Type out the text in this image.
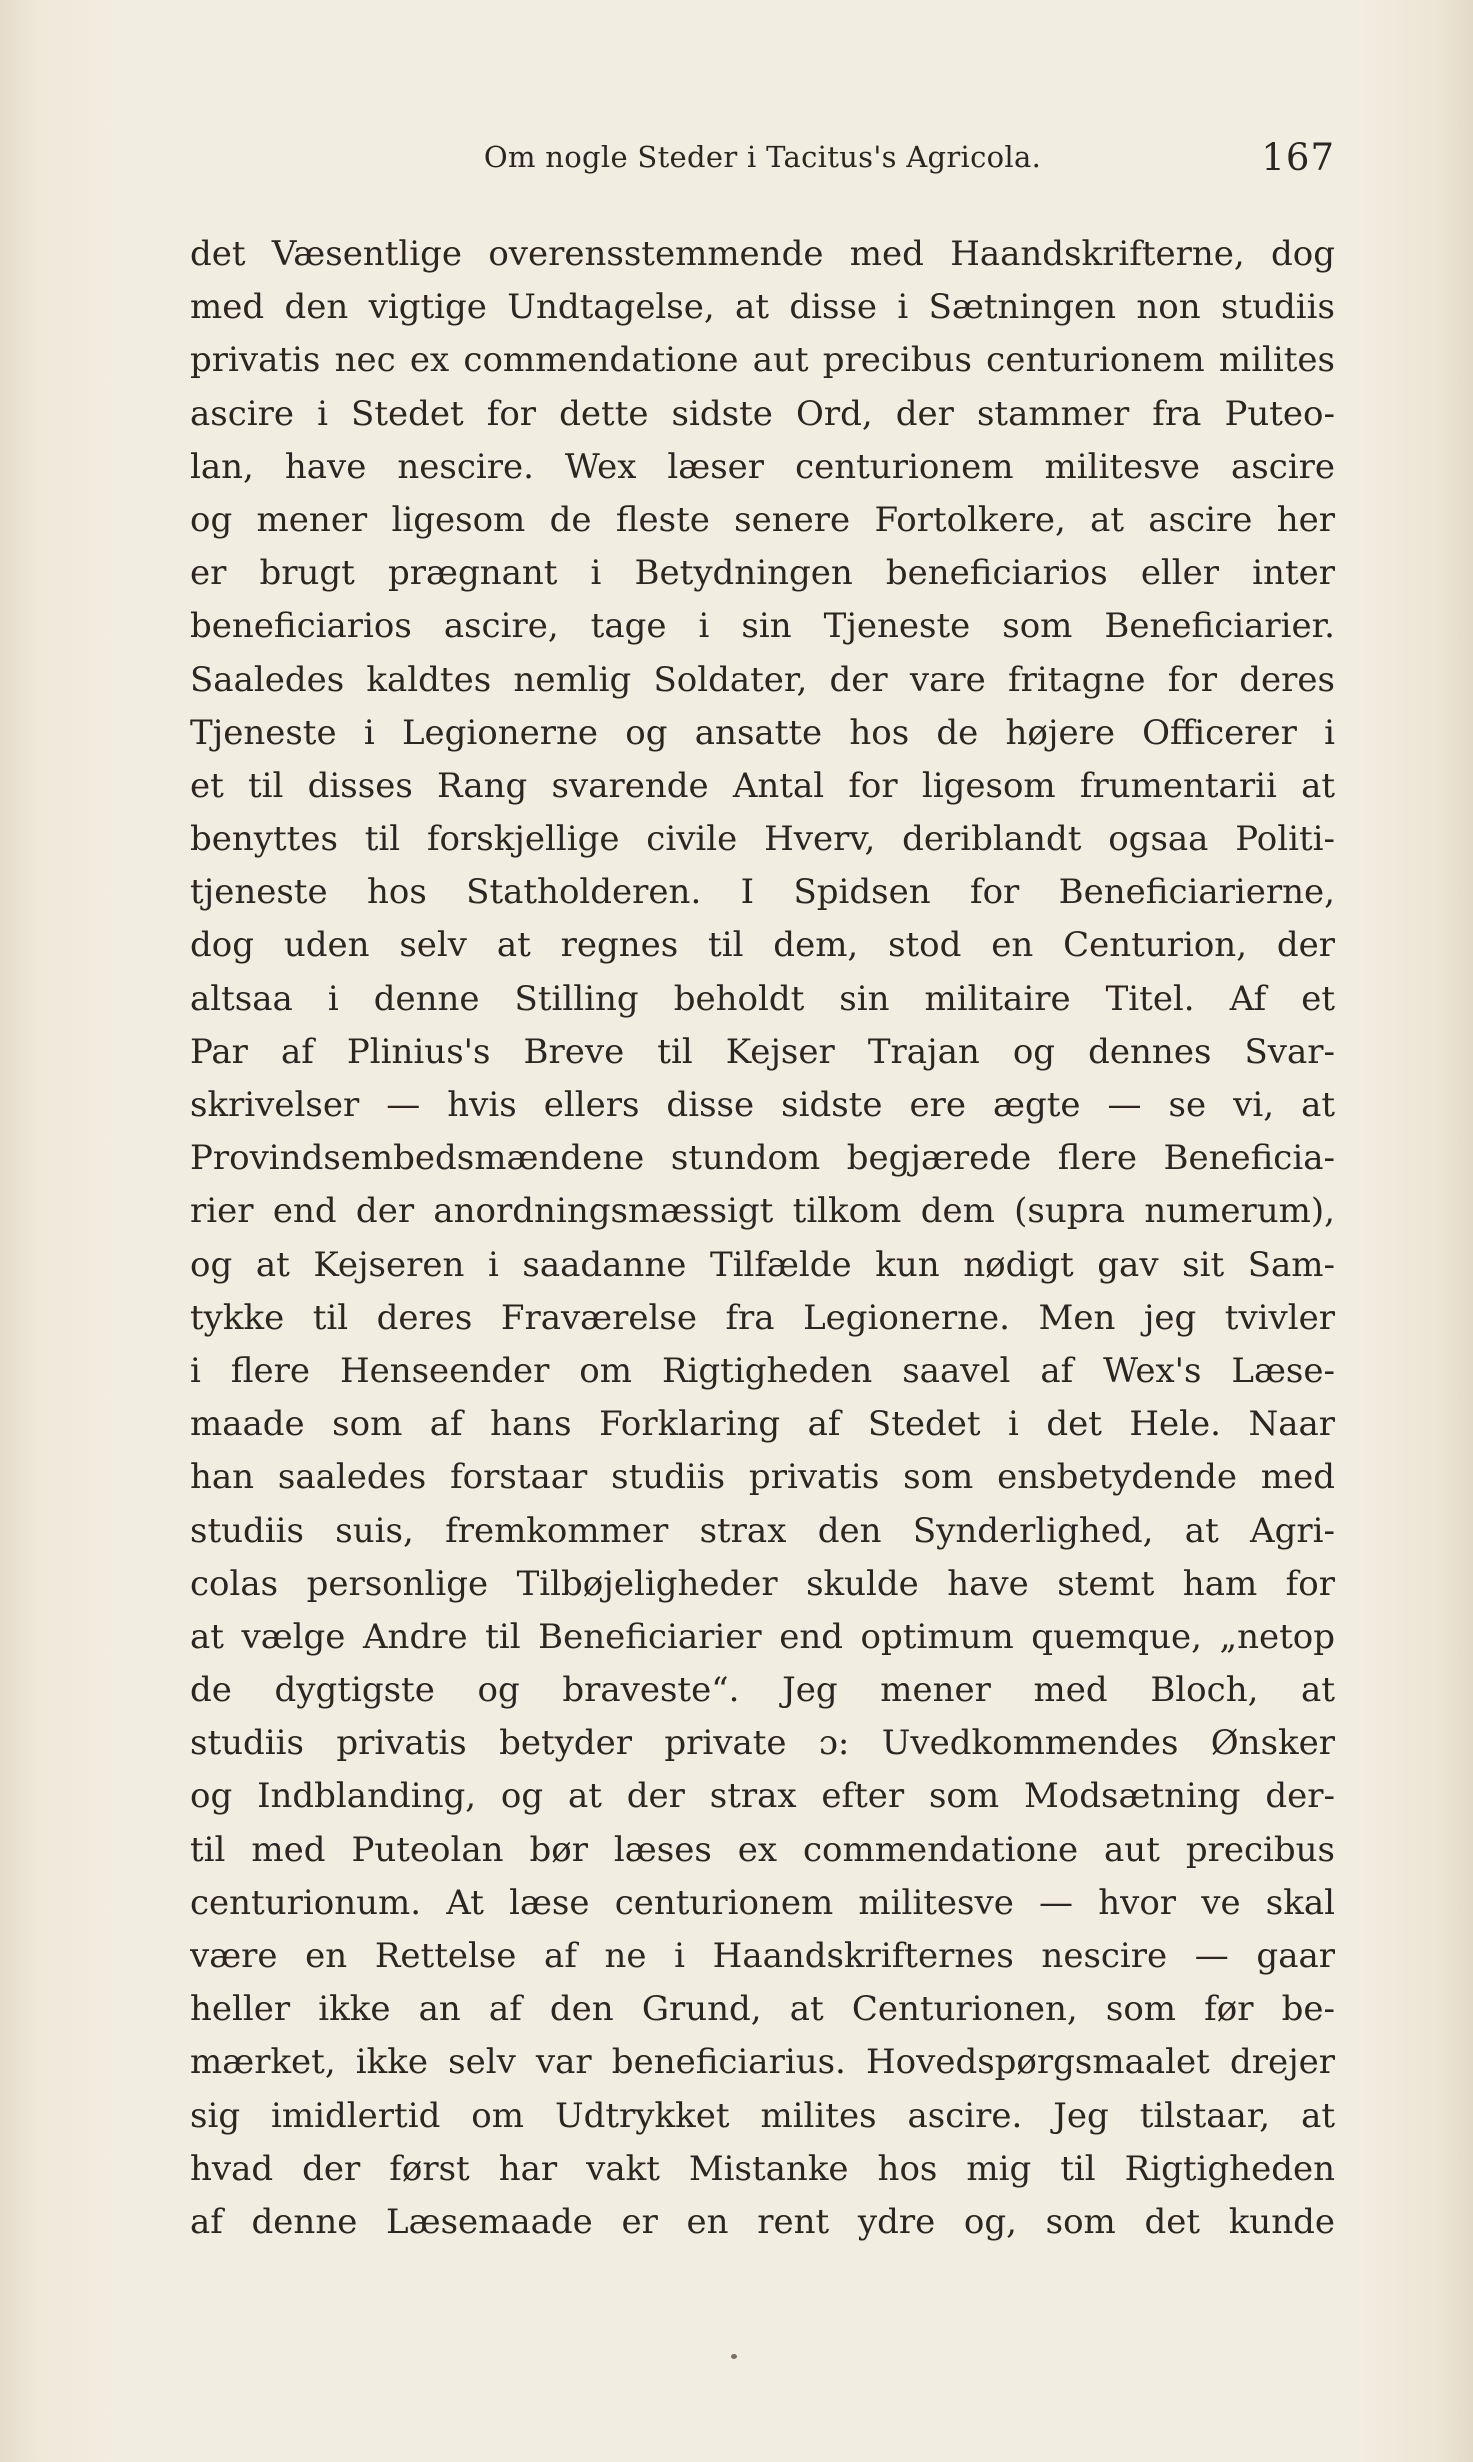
Om nogle Steder i Tacitus's Agricola.	167
det Væsentlige overensstemmende med Haandskrifterne, dog
med den vigtige Undtagelse, at disse i Sætningen non studiis
privatis nec ex commendatione aut precibus centurionem milites
ascire i Stedet for dette sidste Ord, der stammer fra Puteo-
lan, have nescire. Wex læser centurionem militesve ascire
og mener ligesom de fleste senere Fortolkere, at ascire her
er brugt prægnant i Betydningen beneficiarios eller inter
beneficiarios ascire, tage i sin Tjeneste som Beneficiarier.
Saaledes kaldtes nemlig Soldater, der vare fritagne for deres
Tjeneste i Legionerne og ansatte hos de højere Officerer i
et til disses Rang svarende Antal for ligesom frumentarii at
benyttes til forskjellige civile Hverv, deriblandt ogsaa Politi-
tjeneste hos Statholderen. I Spidsen for Beneficiarierne,
dog uden selv at regnes til dem, stod en Centurion, der
altsaa i denne Stilling beholdt sin militaire Titel. Af et
Par af Plinius's Breve til Kejser Trajan og dennes Svar-
skrivelser — hvis ellers disse sidste ere ægte — se vi, at
Provindsembedsmændene stundom begjærede flere Beneficia-
rier end der anordningsmæssigt tilkom dem (supra numerum),
og at Kejseren i saadanne Tilfælde kun nødigt gav sit Sam-
tykke til deres Fraværelse fra Legionerne. Men jeg tvivler
i flere Henseender om Rigtigheden saavel af Wex's Læse-
maade som af hans Forklaring af Stedet i det Hele. Naar
han saaledes forstaar studiis privatis som ensbetydende med
studiis suis, fremkommer strax den Synderlighed, at Agri-
colas personlige Tilbøjeligheder skulde have stemt ham for
at vælge Andre til Beneficiarier end optimum quemque, „netop
de dygtigste og braveste“. Jeg mener med Bloch, at
studiis privatis betyder private ɔ: Uvedkommendes Ønsker
og Indblanding, og at der strax efter som Modsætning der-
til med Puteolan bør læses ex commendatione aut precibus
centurionum. At læse centurionem militesve — hvor ve skal
være en Rettelse af ne i Haandskrifternes nescire — gaar
heller ikke an af den Grund, at Centurionen, som før be-
mærket, ikke selv var beneficiarius. Hovedspørgsmaalet drejer
sig imidlertid om Udtrykket milites ascire. Jeg tilstaar, at
hvad der først har vakt Mistanke hos mig til Rigtigheden
af denne Læsemaade er en rent ydre og, som det kunde
